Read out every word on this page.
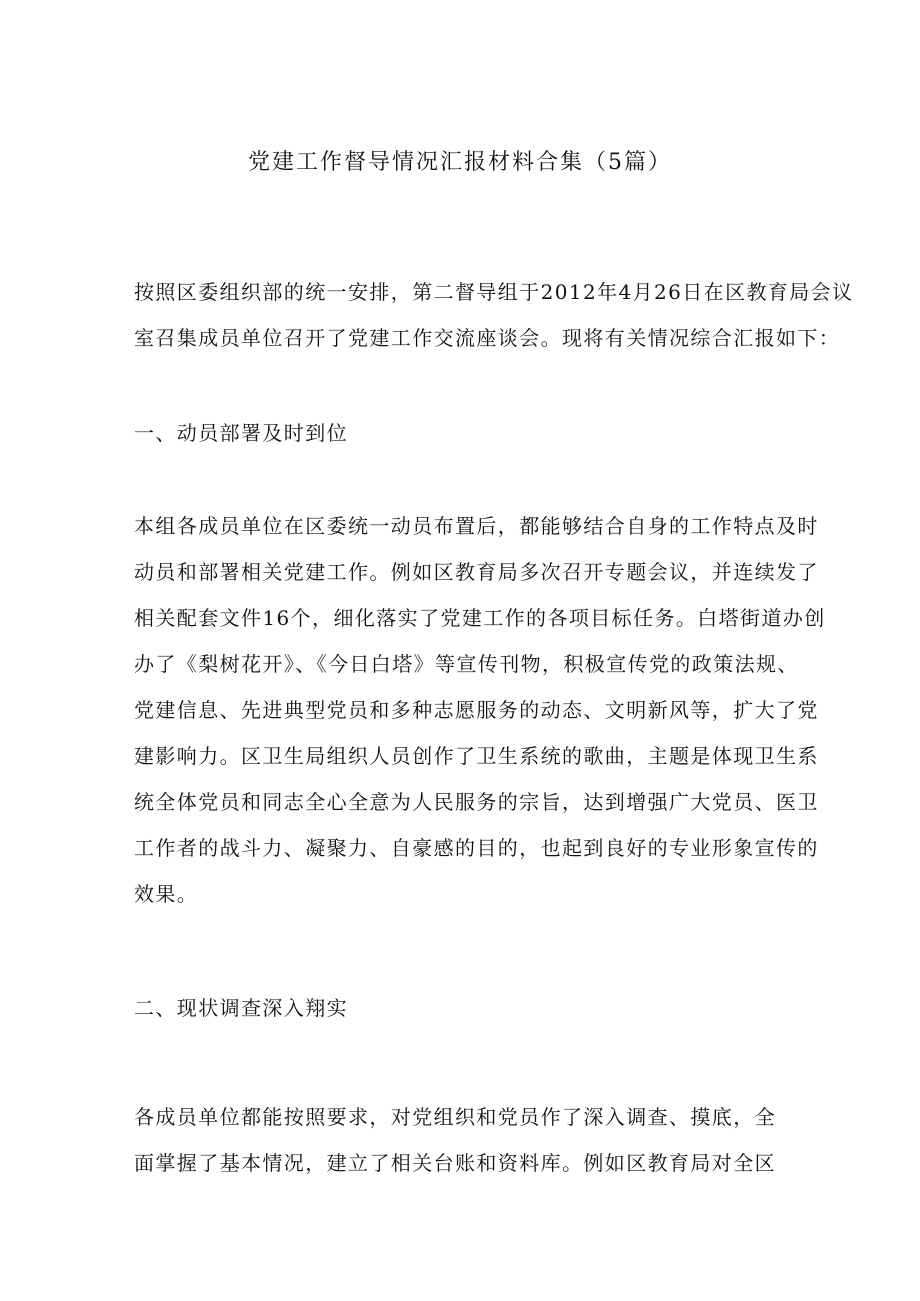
党建工作督导情况汇报材料合集（5篇）

按照区委组织部的统一安排，第二督导组于2012年4月26日在区教育局会议
室召集成员单位召开了党建工作交流座谈会。现将有关情况综合汇报如下：

一、动员部署及时到位

本组各成员单位在区委统一动员布置后，都能够结合自身的工作特点及时
动员和部署相关党建工作。例如区教育局多次召开专题会议，并连续发了
相关配套文件16个，细化落实了党建工作的各项目标任务。白塔街道办创
办了《梨树花开》、《今日白塔》等宣传刊物，积极宣传党的政策法规、
党建信息、先进典型党员和多种志愿服务的动态、文明新风等，扩大了党
建影响力。区卫生局组织人员创作了卫生系统的歌曲，主题是体现卫生系
统全体党员和同志全心全意为人民服务的宗旨，达到增强广大党员、医卫
工作者的战斗力、凝聚力、自豪感的目的，也起到良好的专业形象宣传的
效果。

二、现状调查深入翔实

各成员单位都能按照要求，对党组织和党员作了深入调查、摸底，全
面掌握了基本情况，建立了相关台账和资料库。例如区教育局对全区
